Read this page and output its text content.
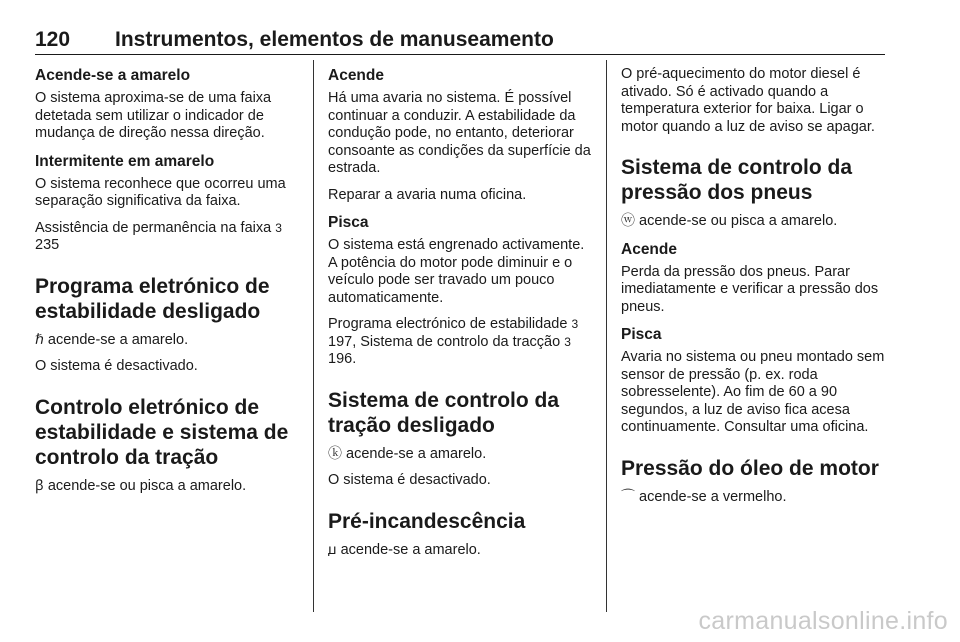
120	Instrumentos, elementos de manuseamento
Acende-se a amarelo
O sistema aproxima-se de uma faixa detetada sem utilizar o indicador de mudança de direção nessa direção.
Intermitente em amarelo
O sistema reconhece que ocorreu uma separação significativa da faixa.
Assistência de permanência na faixa 3235
Programa eletrónico de estabilidade desligado
ℏ acende-se a amarelo.
O sistema é desactivado.
Controlo eletrónico de estabilidade e sistema de controlo da tração
ꞵ acende-se ou pisca a amarelo.
Acende
Há uma avaria no sistema. É possível continuar a conduzir. A estabilidade da condução pode, no entanto, deteriorar consoante as condições da superfície da estrada.
Reparar a avaria numa oficina.
Pisca
O sistema está engrenado activamente. A potência do motor pode diminuir e o veículo pode ser travado um pouco automaticamente.
Programa electrónico de estabilidade 3197, Sistema de controlo da tracção 3196.
Sistema de controlo da tração desligado
ⓚ acende-se a amarelo.
O sistema é desactivado.
Pré-incandescência
ꙡ acende-se a amarelo.
O pré-aquecimento do motor diesel é ativado. Só é activado quando a temperatura exterior for baixa. Ligar o motor quando a luz de aviso se apagar.
Sistema de controlo da pressão dos pneus
ⓦ acende-se ou pisca a amarelo.
Acende
Perda da pressão dos pneus. Parar imediatamente e verificar a pressão dos pneus.
Pisca
Avaria no sistema ou pneu montado sem sensor de pressão (p. ex. roda sobresselente). Ao fim de 60 a 90 segundos, a luz de aviso fica acesa continuamente. Consultar uma oficina.
Pressão do óleo de motor
⌒ acende-se a vermelho.
carmanualsonline.info
